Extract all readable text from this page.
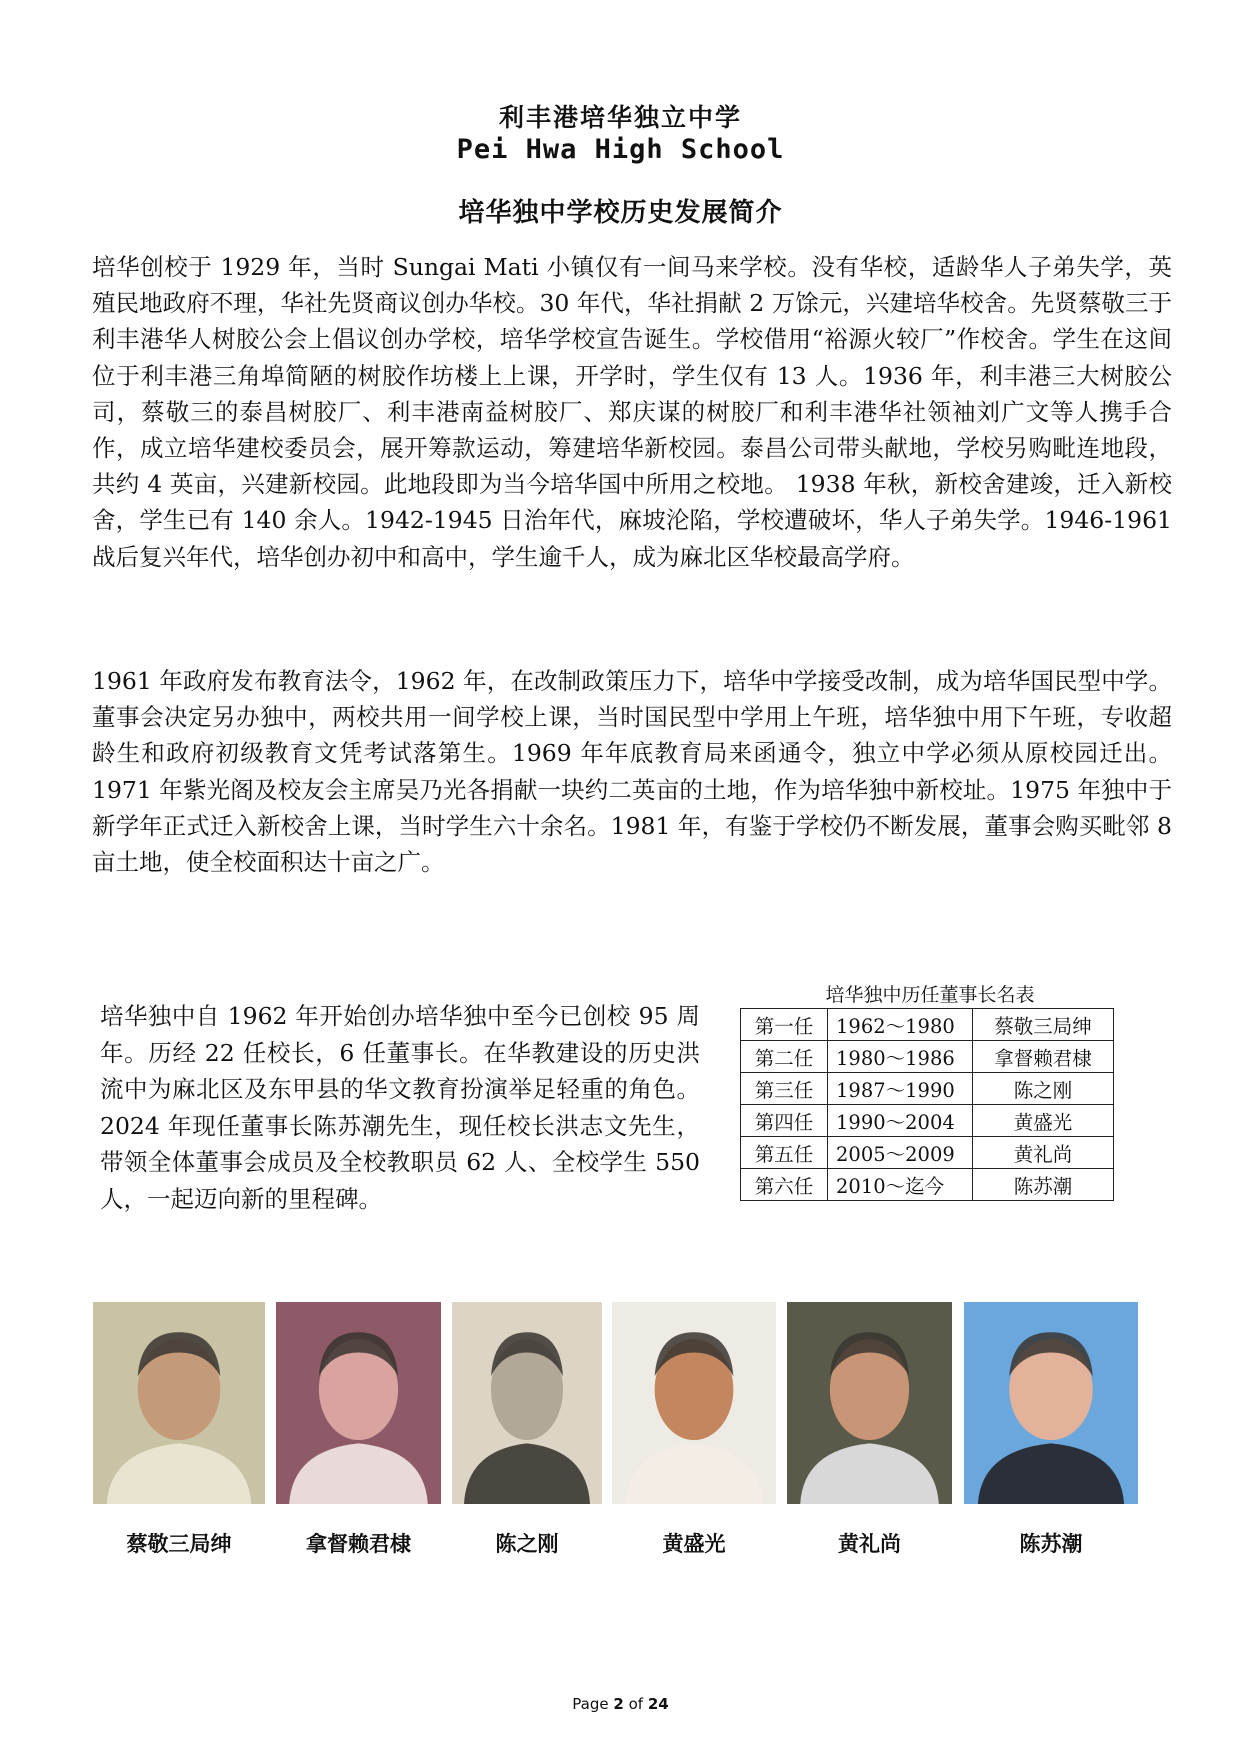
利丰港培华独立中学
Pei Hwa High School
培华独中学校历史发展简介

培华创校于 1929 年，当时 Sungai Mati 小镇仅有一间马来学校。没有华校，适龄华人子弟失学，英殖民地政府不理，华社先贤商议创办华校。30 年代，华社捐献 2 万馀元，兴建培华校舍。先贤蔡敬三于利丰港华人树胶公会上倡议创办学校，培华学校宣告诞生。学校借用“裕源火较厂”作校舍。学生在这间位于利丰港三角埠简陋的树胶作坊楼上上课，开学时，学生仅有 13 人。1936 年，利丰港三大树胶公司，蔡敬三的泰昌树胶厂、利丰港南益树胶厂、郑庆谋的树胶厂和利丰港华社领袖刘广文等人携手合作，成立培华建校委员会，展开筹款运动，筹建培华新校园。泰昌公司带头献地，学校另购毗连地段，共约 4 英亩，兴建新校园。此地段即为当今培华国中所用之校地。 1938 年秋，新校舍建竣，迁入新校舍，学生已有 140 余人。1942-1945 日治年代，麻坡沦陷，学校遭破坏，华人子弟失学。1946-1961 战后复兴年代，培华创办初中和高中，学生逾千人，成为麻北区华校最高学府。

1961 年政府发布教育法令，1962 年，在改制政策压力下，培华中学接受改制，成为培华国民型中学。董事会决定另办独中，两校共用一间学校上课，当时国民型中学用上午班，培华独中用下午班，专收超龄生和政府初级教育文凭考试落第生。1969 年年底教育局来函通令，独立中学必须从原校园迁出。1971 年紫光阁及校友会主席吴乃光各捐献一块约二英亩的土地，作为培华独中新校址。1975 年独中于新学年正式迁入新校舍上课，当时学生六十余名。1981 年，有鉴于学校仍不断发展，董事会购买毗邻 8 亩土地，使全校面积达十亩之广。

培华独中自 1962 年开始创办培华独中至今已创校 95 周年。历经 22 任校长，6 任董事长。在华教建设的历史洪流中为麻北区及东甲县的华文教育扮演举足轻重的角色。2024 年现任董事长陈苏潮先生，现任校长洪志文先生，带领全体董事会成员及全校教职员 62 人、全校学生 550 人，一起迈向新的里程碑。

培华独中历任董事长名表
第一任	1962～1980	蔡敬三局绅
第二任	1980～1986	拿督赖君棣
第三任	1987～1990	陈之刚
第四任	1990～2004	黄盛光
第五任	2005～2009	黄礼尚
第六任	2010～迄今	陈苏潮
蔡敬三局绅	拿督赖君棣	陈之刚	黄盛光	黄礼尚	陈苏潮
Page 2 of 24
